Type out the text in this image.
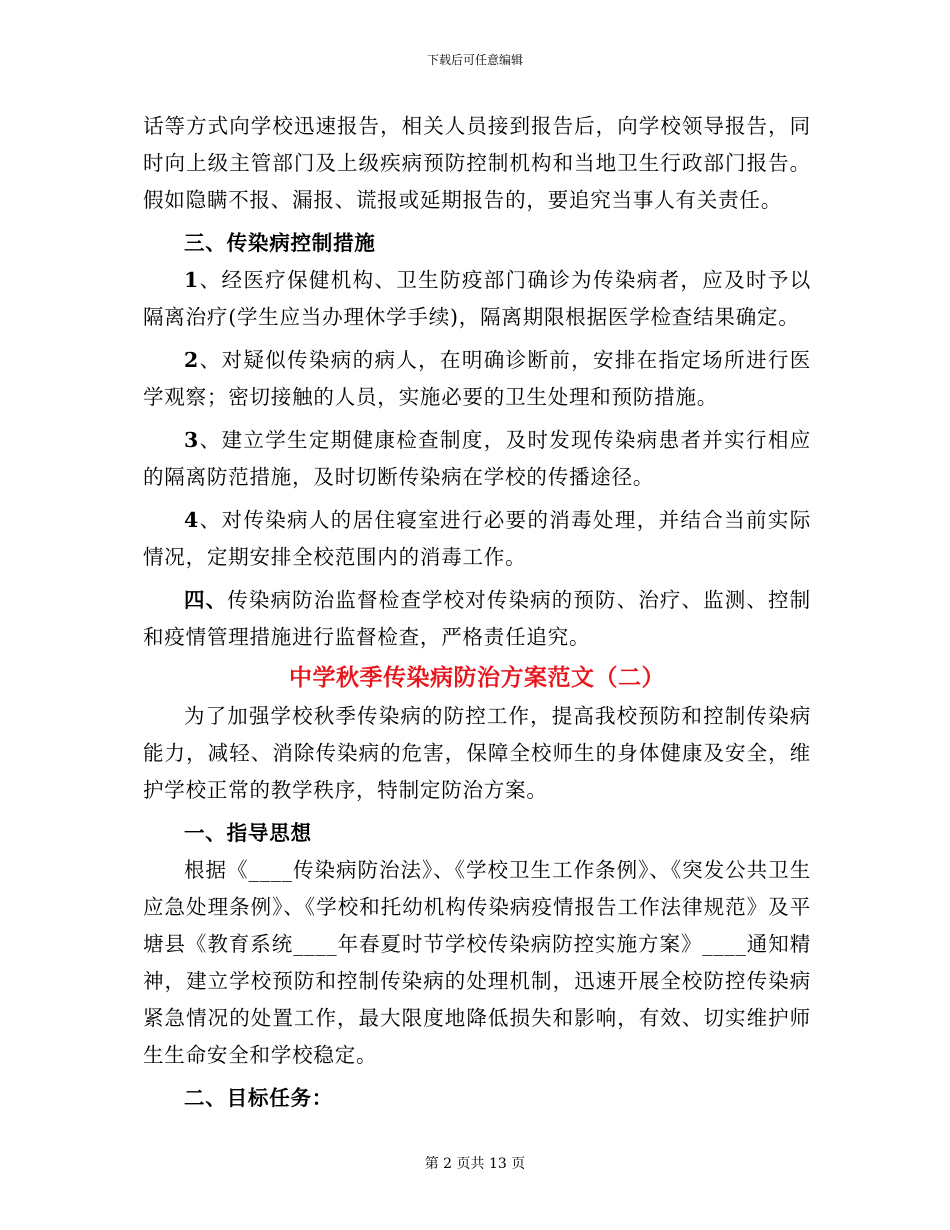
下载后可任意编辑

话等方式向学校迅速报告，相关人员接到报告后，向学校领导报告，同时向上级主管部门及上级疾病预防控制机构和当地卫生行政部门报告。假如隐瞒不报、漏报、谎报或延期报告的，要追究当事人有关责任。

三、传染病控制措施

1、经医疗保健机构、卫生防疫部门确诊为传染病者，应及时予以隔离治疗(学生应当办理休学手续)，隔离期限根据医学检查结果确定。

2、对疑似传染病的病人，在明确诊断前，安排在指定场所进行医学观察；密切接触的人员，实施必要的卫生处理和预防措施。

3、建立学生定期健康检查制度，及时发现传染病患者并实行相应的隔离防范措施，及时切断传染病在学校的传播途径。

4、对传染病人的居住寝室进行必要的消毒处理，并结合当前实际情况，定期安排全校范围内的消毒工作。

四、传染病防治监督检查学校对传染病的预防、治疗、监测、控制和疫情管理措施进行监督检查，严格责任追究。

中学秋季传染病防治方案范文（二）

为了加强学校秋季传染病的防控工作，提高我校预防和控制传染病能力，减轻、消除传染病的危害，保障全校师生的身体健康及安全，维护学校正常的教学秩序，特制定防治方案。

一、指导思想

根据《____传染病防治法》、《学校卫生工作条例》、《突发公共卫生应急处理条例》、《学校和托幼机构传染病疫情报告工作法律规范》及平塘县《教育系统____年春夏时节学校传染病防控实施方案》____通知精神，建立学校预防和控制传染病的处理机制，迅速开展全校防控传染病紧急情况的处置工作，最大限度地降低损失和影响，有效、切实维护师生生命安全和学校稳定。

二、目标任务：

第 2 页共 13 页
